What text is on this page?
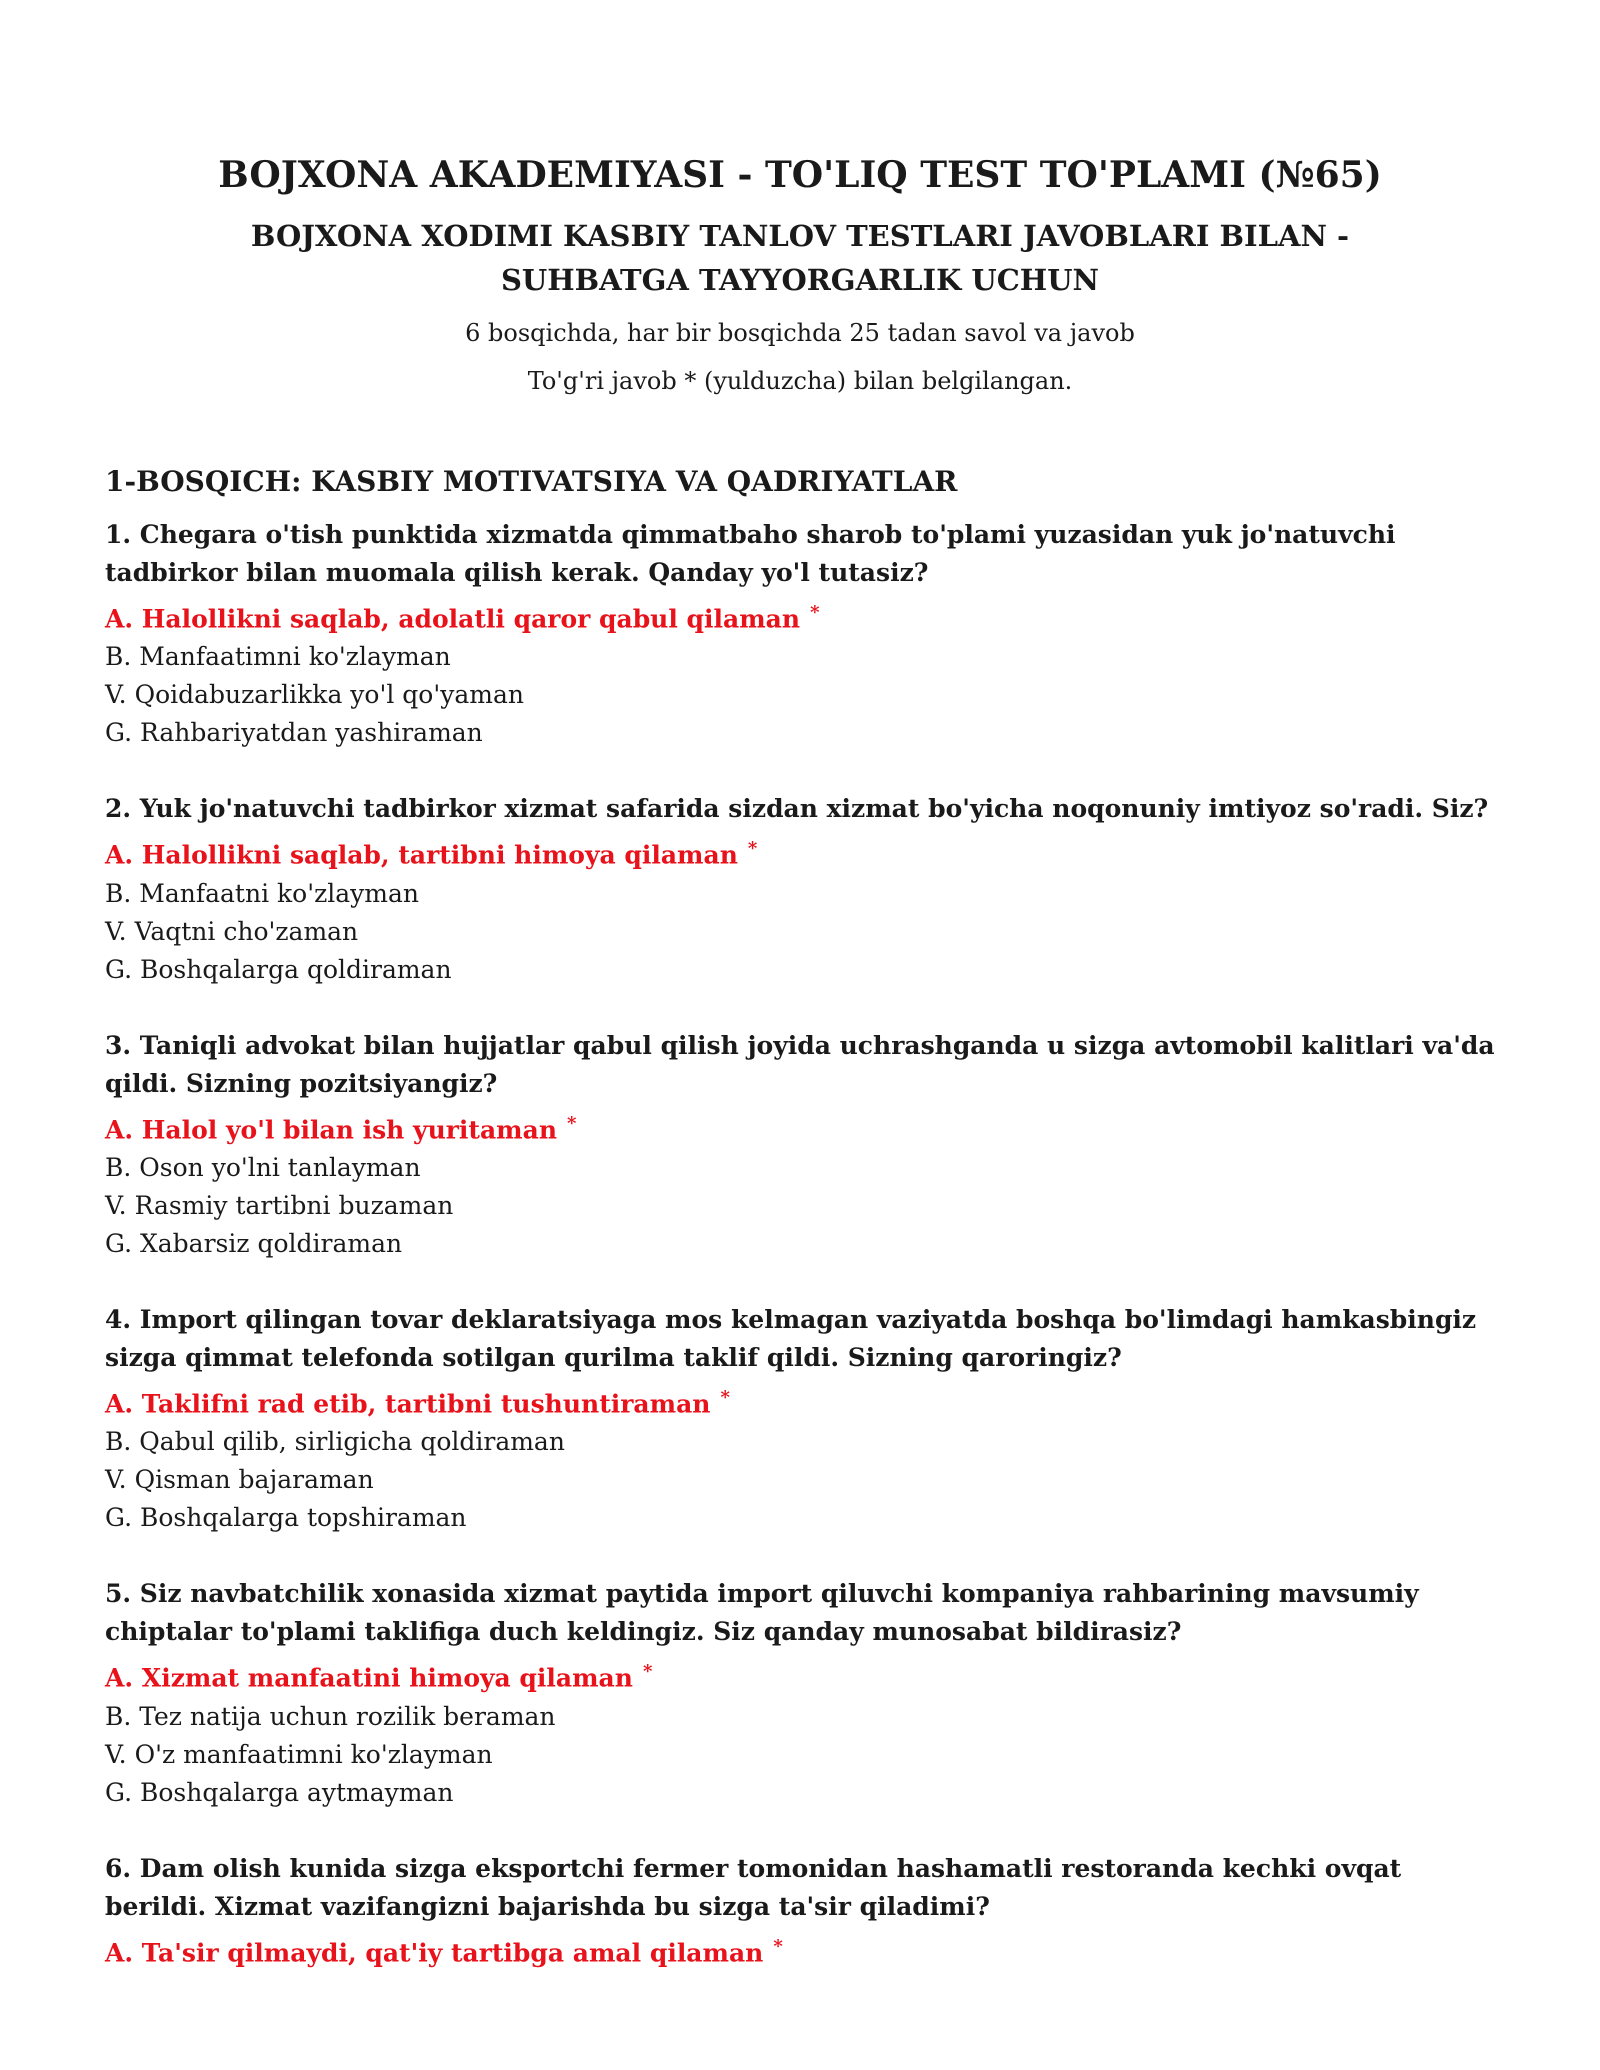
BOJXONA AKADEMIYASI - TO'LIQ TEST TO'PLAMI (№65)

BOJXONA XODIMI KASBIY TANLOV TESTLARI JAVOBLARI BILAN - SUHBATGA TAYYORGARLIK UCHUN

6 bosqichda, har bir bosqichda 25 tadan savol va javob

To'g'ri javob * (yulduzcha) bilan belgilangan.

1-BOSQICH: KASBIY MOTIVATSIYA VA QADRIYATLAR

1. Chegara o'tish punktida xizmatda qimmatbaho sharob to'plami yuzasidan yuk jo'natuvchi tadbirkor bilan muomala qilish kerak. Qanday yo'l tutasiz?

A. Halollikni saqlab, adolatli qaror qabul qilaman *

B. Manfaatimni ko'zlayman

V. Qoidabuzarlikka yo'l qo'yaman

G. Rahbariyatdan yashiraman

2. Yuk jo'natuvchi tadbirkor xizmat safarida sizdan xizmat bo'yicha noqonuniy imtiyoz so'radi. Siz?

A. Halollikni saqlab, tartibni himoya qilaman *

B. Manfaatni ko'zlayman

V. Vaqtni cho'zaman

G. Boshqalarga qoldiraman

3. Taniqli advokat bilan hujjatlar qabul qilish joyida uchrashganda u sizga avtomobil kalitlari va'da qildi. Sizning pozitsiyangiz?

A. Halol yo'l bilan ish yuritaman *

B. Oson yo'lni tanlayman

V. Rasmiy tartibni buzaman

G. Xabarsiz qoldiraman

4. Import qilingan tovar deklaratsiyaga mos kelmagan vaziyatda boshqa bo'limdagi hamkasbingiz sizga qimmat telefonda sotilgan qurilma taklif qildi. Sizning qaroringiz?

A. Taklifni rad etib, tartibni tushuntiraman *

B. Qabul qilib, sirligicha qoldiraman

V. Qisman bajaraman

G. Boshqalarga topshiraman

5. Siz navbatchilik xonasida xizmat paytida import qiluvchi kompaniya rahbarining mavsumiy chiptalar to'plami taklifiga duch keldingiz. Siz qanday munosabat bildirasiz?

A. Xizmat manfaatini himoya qilaman *

B. Tez natija uchun rozilik beraman

V. O'z manfaatimni ko'zlayman

G. Boshqalarga aytmayman

6. Dam olish kunida sizga eksportchi fermer tomonidan hashamatli restoranda kechki ovqat berildi. Xizmat vazifangizni bajarishda bu sizga ta'sir qiladimi?

A. Ta'sir qilmaydi, qat'iy tartibga amal qilaman *
